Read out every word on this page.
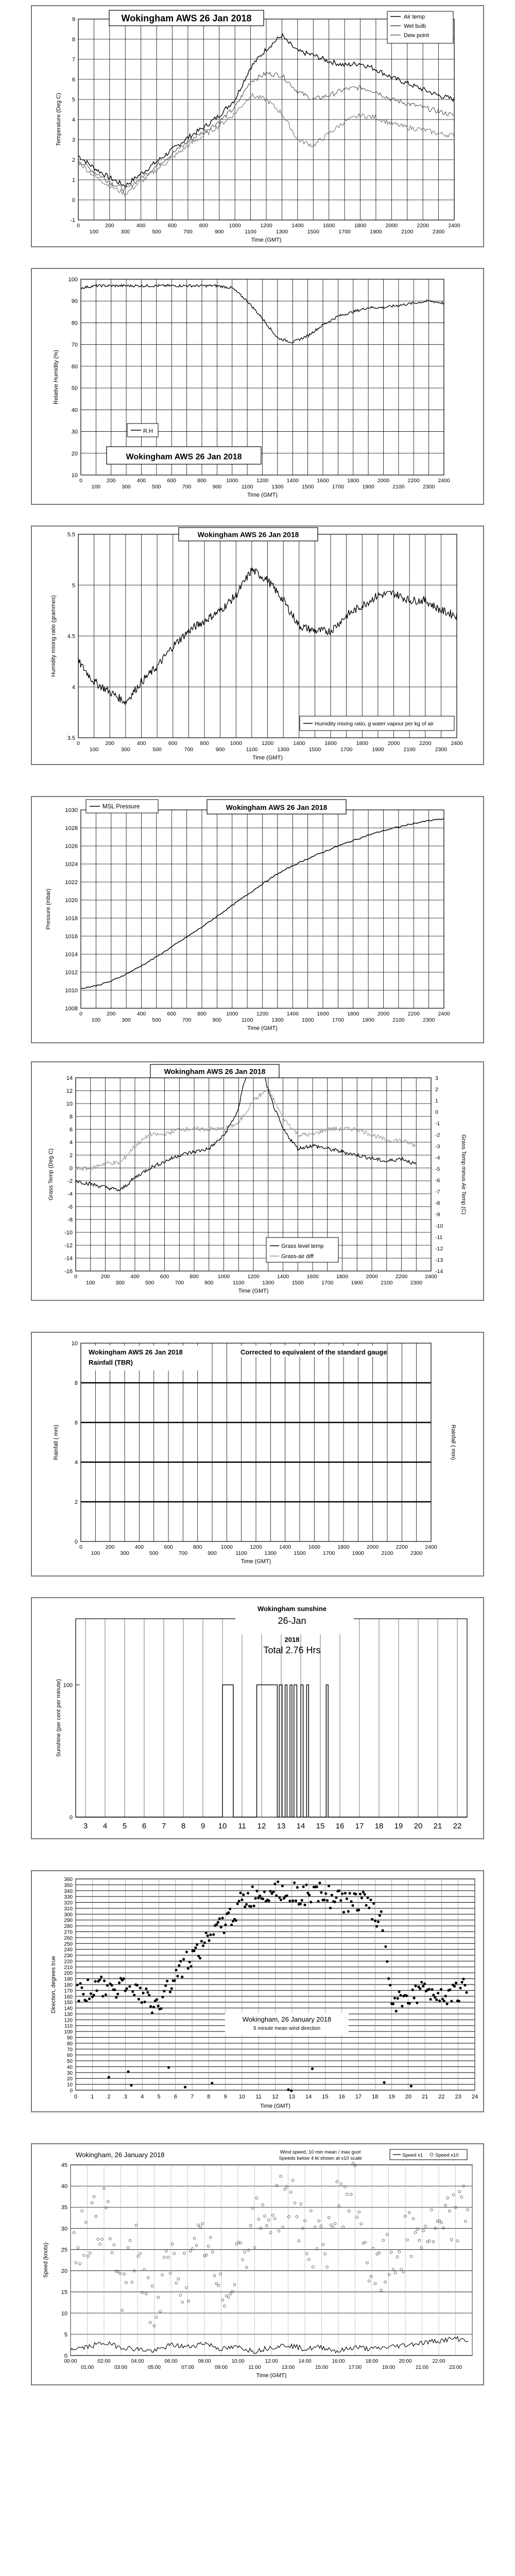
-1
0
1
2
3
4
5
6
7
8
9
0
100
200
300
400
500
600
700
800
900
1000
1100
1200
1300
1400
1500
1600
1700
1800
1900
2000
2100
2200
2300
2400
Time (GMT)
Temperature (Deg C)
Wokingham AWS 26 Jan 2018	Air temp
Wet bulb
Dew point
10
20
30
40
50
60
70
80
90
100
0
100
200
300
400
500
600
700
800
900
1000
1100
1200
1300
1400
1500
1600
1700
1800
1900
2000
2100
2200
2300
2400
Time (GMT)
Relative Humidity (%)
R.H
Wokingham AWS 26 Jan 2018
3.5
4
4.5
5
5.5
0
100
200
300
400
500
600
700
800
900
1000
1100
1200
1300
1400
1500
1600
1700
1800
1900
2000
2100
2200
2300
2400
Time (GMT)
Humidity mixing ratio (grammes)
Wokingham AWS 26 Jan 2018
Humidity mixing ratio, g water vapour per kg of air
1008
1010
1012
1014
1016
1018
1020
1022
1024
1026
1028
1030
0
100
200
300
400
500
600
700
800
900
1000
1100
1200
1300
1400
1500
1600
1700
1800
1900
2000
2100
2200
2300
2400
Time (GMT)
Pressure (mbar)
MSL Pressure	Wokingham AWS 26 Jan 2018
-16
-14
-12
-10
-8
-6
-4
-2
0
2
4
6
8
10
12
14
-14
-13
-12
-11
-10
-9
-8
-7
-6
-5
-4
-3
-2
-1
0
1
2
3
0
100
200
300
400
500
600
700
800
900
1000
1100
1200
1300
1400
1500
1600
1700
1800
1900
2000
2100
2200
2300
2400
Time (GMT)
Grass Temp (Deg C)	Grass Temp minus Air Temp (C)
Wokingham AWS 26 Jan 2018
Grass level temp
Grass-air diff
0
2
4
6
8
10
0
100
200
300
400
500
600
700
800
900
1000
1100
1200
1300
1400
1500
1600
1700
1800
1900
2000
2100
2200
2300
2400
Time (GMT)
Rainfall ( mm)	Rainfall ( mm)
Wokingham AWS 26 Jan 2018
Rainfall (TBR)
Corrected to equivalent of the standard gauge
3 4 5 6 7 8 9 10 11 12 13 14 15 16 17 18 19 20 21 22
0
100
Sunshine (per cent per minute)
Wokingham sunshine
26-Jan
2018
Total 2.76 Hrs
0
10
20
30
40
50
60
70
80
90
100
110
120
130
140
150
160
170
180
190
200
210
220
230
240
250
260
270
280
290
300
310
320
330
340
350
360
0 1 2 3 4 5 6 7 8 9 10 11 12 13 14 15 16 17 18 19 20 21 22 23 24
Time (GMT)
Direction, degrees true
Wokingham, 26 January 2018
5 minute mean wind direction
0
5
10
15
20
25
30
35
40
45
00:00	02:00	04:00	06:00	08:00	10:00	12:00	14:00	16:00	18:00	20:00	22:00
01:00	03:00	05:00	07:00	09:00	11:00	13:00	15:00	17:00	19:00	21:00	23:00
Time (GMT)
Speed (knots)
Wokingham, 26 January 2018	Wind speed, 10 min mean / max gust
Speeds below 4 kt shown at x10 scale
Speed x1	Speed x10
